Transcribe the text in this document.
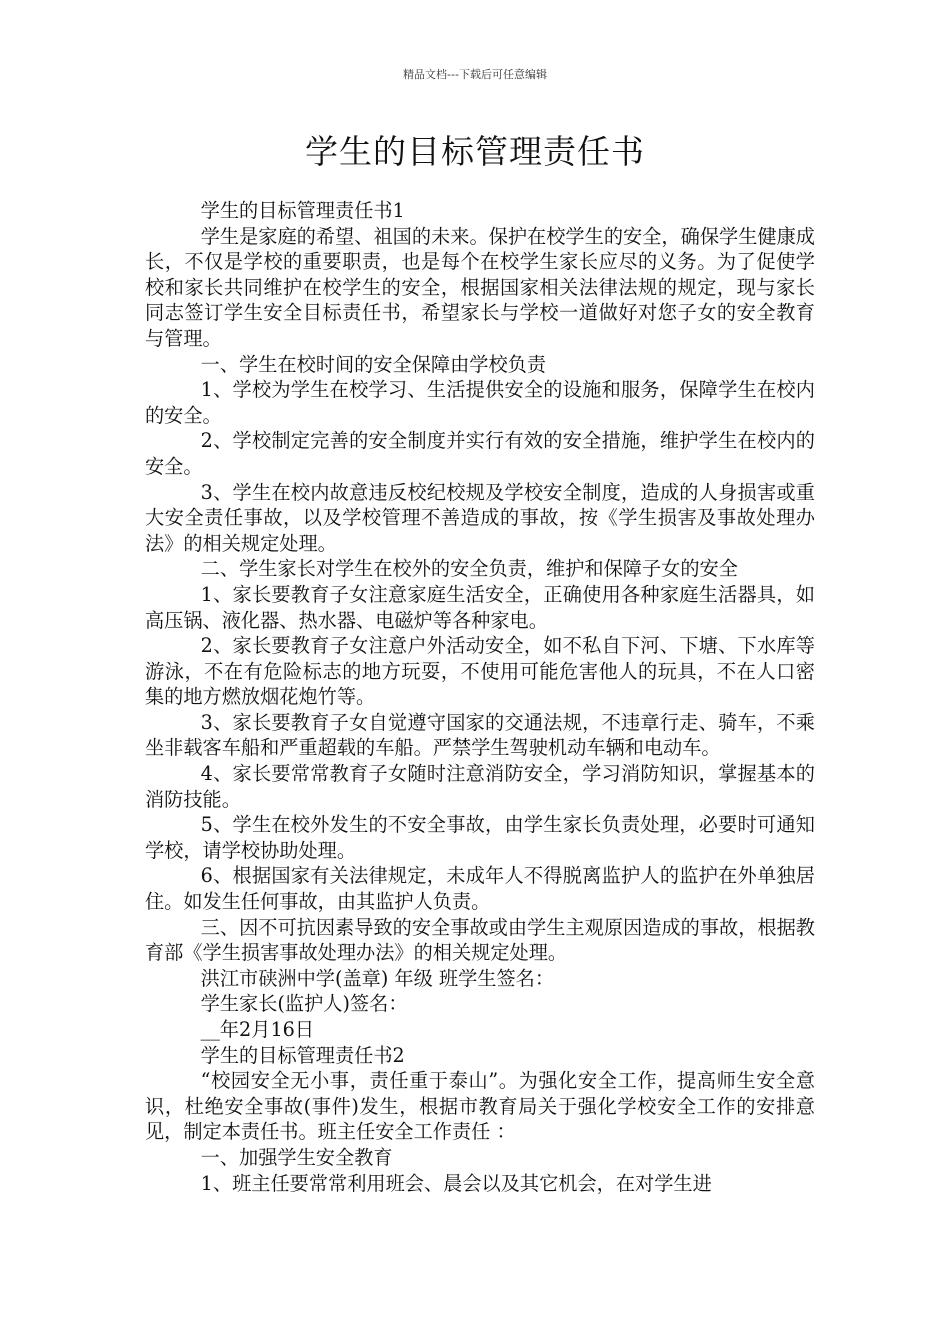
精品文档---下载后可任意编辑
学生的目标管理责任书

学生的目标管理责任书1

学生是家庭的希望、祖国的未来。保护在校学生的安全，确保学生健康成长，不仅是学校的重要职责，也是每个在校学生家长应尽的义务。为了促使学校和家长共同维护在校学生的安全，根据国家相关法律法规的规定，现与家长同志签订学生安全目标责任书，希望家长与学校一道做好对您子女的安全教育与管理。

一、学生在校时间的安全保障由学校负责

1、学校为学生在校学习、生活提供安全的设施和服务，保障学生在校内的安全。

2、学校制定完善的安全制度并实行有效的安全措施，维护学生在校内的安全。

3、学生在校内故意违反校纪校规及学校安全制度，造成的人身损害或重大安全责任事故，以及学校管理不善造成的事故，按《学生损害及事故处理办法》的相关规定处理。

二、学生家长对学生在校外的安全负责，维护和保障子女的安全

1、家长要教育子女注意家庭生活安全，正确使用各种家庭生活器具，如高压锅、液化器、热水器、电磁炉等各种家电。

2、家长要教育子女注意户外活动安全，如不私自下河、下塘、下水库等游泳，不在有危险标志的地方玩耍，不使用可能危害他人的玩具，不在人口密集的地方燃放烟花炮竹等。

3、家长要教育子女自觉遵守国家的交通法规，不违章行走、骑车，不乘坐非载客车船和严重超载的车船。严禁学生驾驶机动车辆和电动车。

4、家长要常常教育子女随时注意消防安全，学习消防知识，掌握基本的消防技能。

5、学生在校外发生的不安全事故，由学生家长负责处理，必要时可通知学校，请学校协助处理。

6、根据国家有关法律规定，未成年人不得脱离监护人的监护在外单独居住。如发生任何事故，由其监护人负责。

三、因不可抗因素导致的安全事故或由学生主观原因造成的事故，根据教育部《学生损害事故处理办法》的相关规定处理。

洪江市硖洲中学(盖章) 年级 班学生签名：

学生家长(监护人)签名：

__年2月16日

学生的目标管理责任书2

“校园安全无小事，责任重于泰山”。为强化安全工作，提高师生安全意识，杜绝安全事故(事件)发生，根据市教育局关于强化学校安全工作的安排意见，制定本责任书。班主任安全工作责任 ：

一、加强学生安全教育

1、班主任要常常利用班会、晨会以及其它机会，在对学生进
